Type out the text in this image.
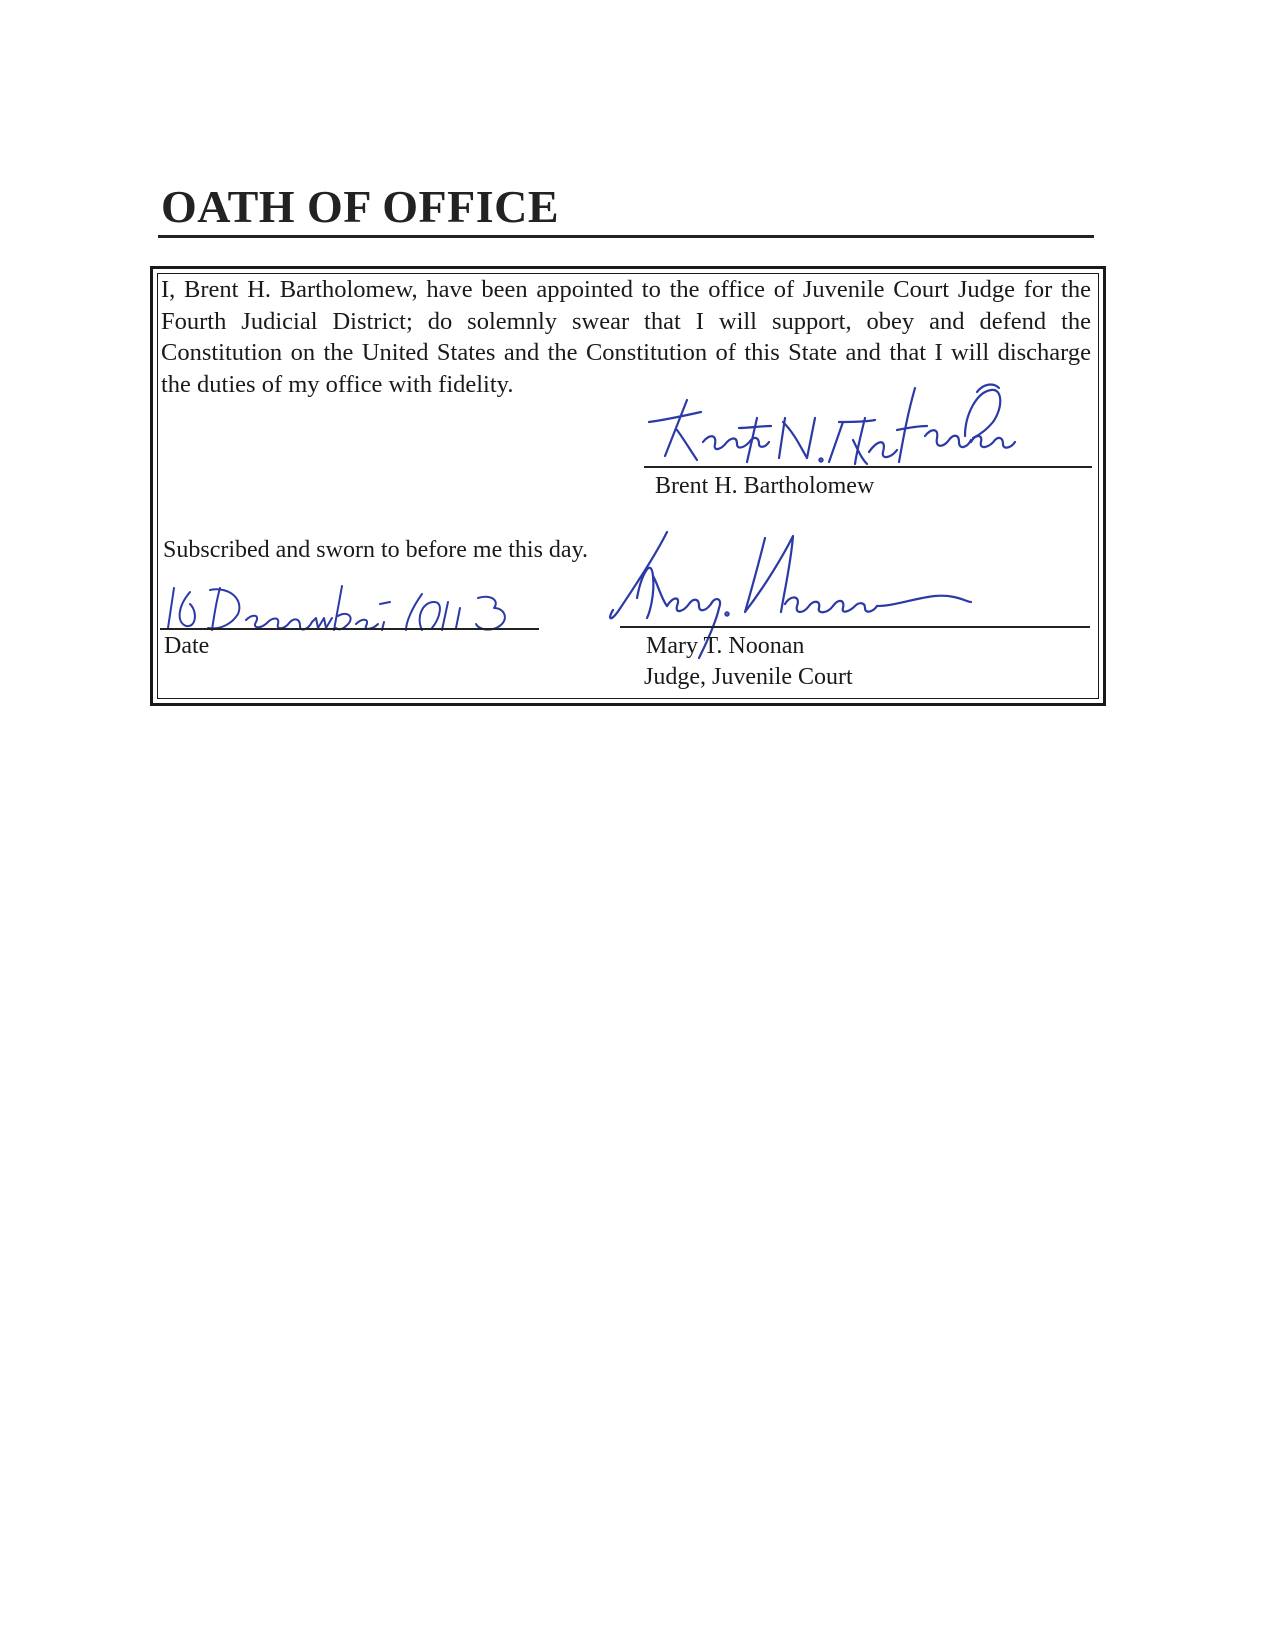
OATH OF OFFICE

I, Brent H. Bartholomew, have been appointed to the office of Juvenile Court Judge for the Fourth Judicial District; do solemnly swear that I will support, obey and defend the Constitution on the United States and the Constitution of this State and that I will discharge the duties of my office with fidelity.

Brent H. Bartholomew
Subscribed and sworn to before me this day.
Date	Mary T. Noonan
Judge, Juvenile Court
